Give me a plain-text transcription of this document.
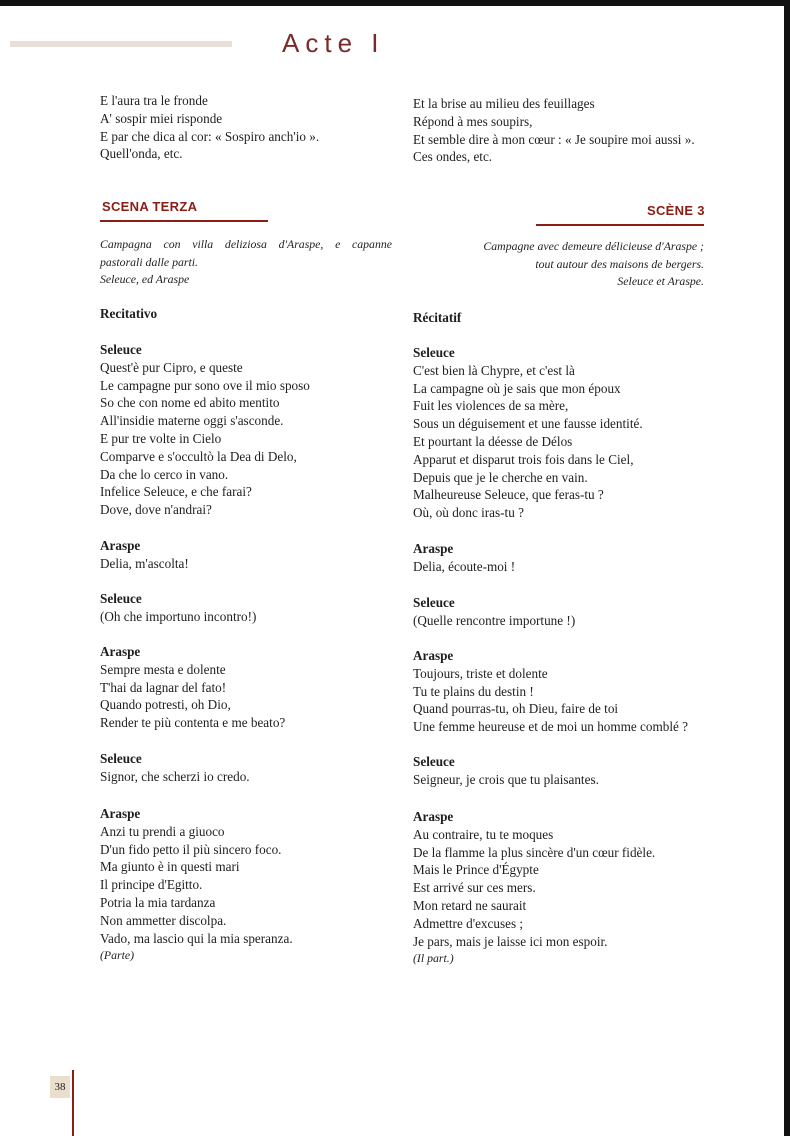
Acte I
E l'aura tra le fronde
A' sospir miei risponde
E par che dica al cor: « Sospiro anch'io ».
Quell'onda, etc.
Et la brise au milieu des feuillages
Répond à mes soupirs,
Et semble dire à mon cœur : « Je soupire moi aussi ».
Ces ondes, etc.
SCENA TERZA	SCÈNE 3
Campagna con villa deliziosa d'Araspe, e capanne
pastorali dalle parti.
Seleuce, ed Araspe
Campagne avec demeure délicieuse d'Araspe ;
tout autour des maisons de bergers.
Seleuce et Araspe.
Recitativo
Seleuce
Quest'è pur Cipro, e queste
Le campagne pur sono ove il mio sposo
So che con nome ed abito mentito
All'insidie materne oggi s'asconde.
E pur tre volte in Cielo
Comparve e s'occultò la Dea di Delo,
Da che lo cerco in vano.
Infelice Seleuce, e che farai?
Dove, dove n'andrai?
Araspe
Delia, m'ascolta!
Seleuce
(Oh che importuno incontro!)
Araspe
Sempre mesta e dolente
T'hai da lagnar del fato!
Quando potresti, oh Dio,
Render te più contenta e me beato?
Seleuce
Signor, che scherzi io credo.
Araspe
Anzi tu prendi a giuoco
D'un fido petto il più sincero foco.
Ma giunto è in questi mari
Il principe d'Egitto.
Potria la mia tardanza
Non ammetter discolpa.
Vado, ma lascio qui la mia speranza.
(Parte)
Récitatif
Seleuce
C'est bien là Chypre, et c'est là
La campagne où je sais que mon époux
Fuit les violences de sa mère,
Sous un déguisement et une fausse identité.
Et pourtant la déesse de Délos
Apparut et disparut trois fois dans le Ciel,
Depuis que je le cherche en vain.
Malheureuse Seleuce, que feras-tu ?
Où, où donc iras-tu ?
Araspe
Delia, écoute-moi !
Seleuce
(Quelle rencontre importune !)
Araspe
Toujours, triste et dolente
Tu te plains du destin !
Quand pourras-tu, oh Dieu, faire de toi
Une femme heureuse et de moi un homme comblé ?
Seleuce
Seigneur, je crois que tu plaisantes.
Araspe
Au contraire, tu te moques
De la flamme la plus sincère d'un cœur fidèle.
Mais le Prince d'Égypte
Est arrivé sur ces mers.
Mon retard ne saurait
Admettre d'excuses ;
Je pars, mais je laisse ici mon espoir.
(Il part.)
38
